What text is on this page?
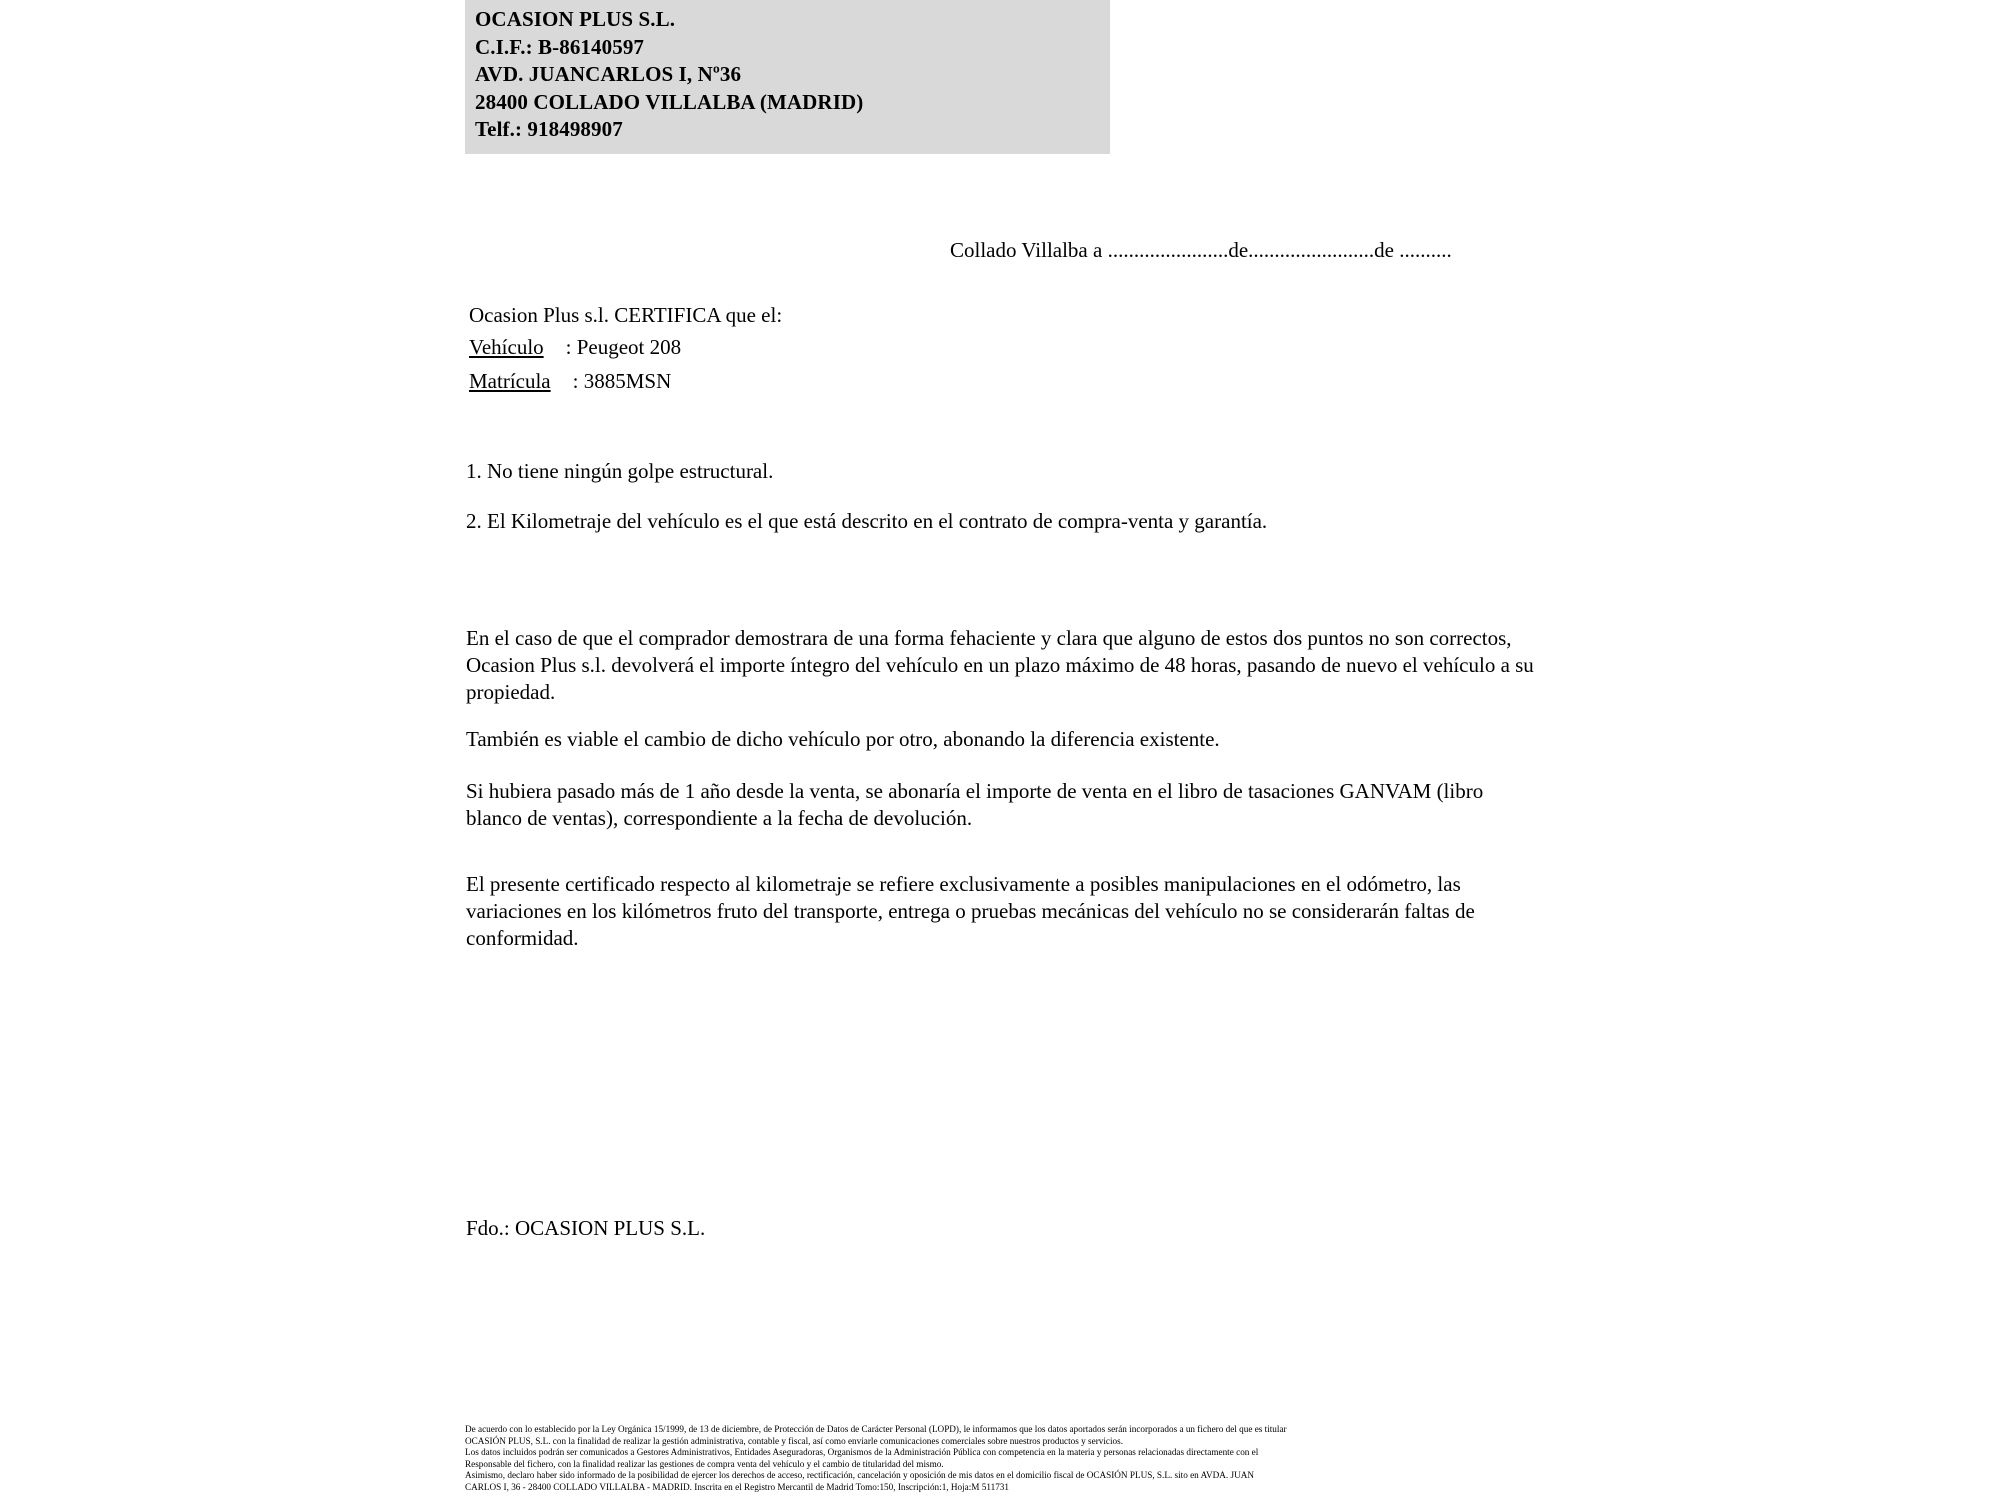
OCASION PLUS S.L.
C.I.F.: B-86140597
AVD. JUANCARLOS I, Nº36
28400 COLLADO VILLALBA (MADRID)
Telf.: 918498907
Collado Villalba a .......................de........................de ..........
Ocasion Plus s.l. CERTIFICA que el:
Vehículo : Peugeot 208
Matrícula : 3885MSN
1. No tiene ningún golpe estructural.
2. El Kilometraje del vehículo es el que está descrito en el contrato de compra-venta y garantía.
En el caso de que el comprador demostrara de una forma fehaciente y clara que alguno de estos dos puntos no son correctos, Ocasion Plus s.l. devolverá el importe íntegro del vehículo en un plazo máximo de 48 horas, pasando de nuevo el vehículo a su propiedad.
También es viable el cambio de dicho vehículo por otro, abonando la diferencia existente.
Si hubiera pasado más de 1 año desde la venta, se abonaría el importe de venta en el libro de tasaciones GANVAM (libro blanco de ventas), correspondiente a la fecha de devolución.
El presente certificado respecto al kilometraje se refiere exclusivamente a posibles manipulaciones en el odómetro, las variaciones en los kilómetros fruto del transporte, entrega o pruebas mecánicas del vehículo no se considerarán faltas de conformidad.
Fdo.: OCASION PLUS S.L.

De acuerdo con lo establecido por la Ley Orgánica 15/1999, de 13 de diciembre, de Protección de Datos de Carácter Personal (LOPD), le informamos que los datos aportados serán incorporados a un fichero del que es titular

OCASIÓN PLUS, S.L. con la finalidad de realizar la gestión administrativa, contable y fiscal, así como enviarle comunicaciones comerciales sobre nuestros productos y servicios.

Los datos incluidos podrán ser comunicados a Gestores Administrativos, Entidades Aseguradoras, Organismos de la Administración Pública con competencia en la materia y personas relacionadas directamente con el

Responsable del fichero, con la finalidad realizar las gestiones de compra venta del vehículo y el cambio de titularidad del mismo.

Asimismo, declaro haber sido informado de la posibilidad de ejercer los derechos de acceso, rectificación, cancelación y oposición de mis datos en el domicilio fiscal de OCASIÓN PLUS, S.L. sito en AVDA. JUAN

CARLOS I, 36 - 28400 COLLADO VILLALBA - MADRID. Inscrita en el Registro Mercantil de Madrid Tomo:150, Inscripción:1, Hoja:M 511731
